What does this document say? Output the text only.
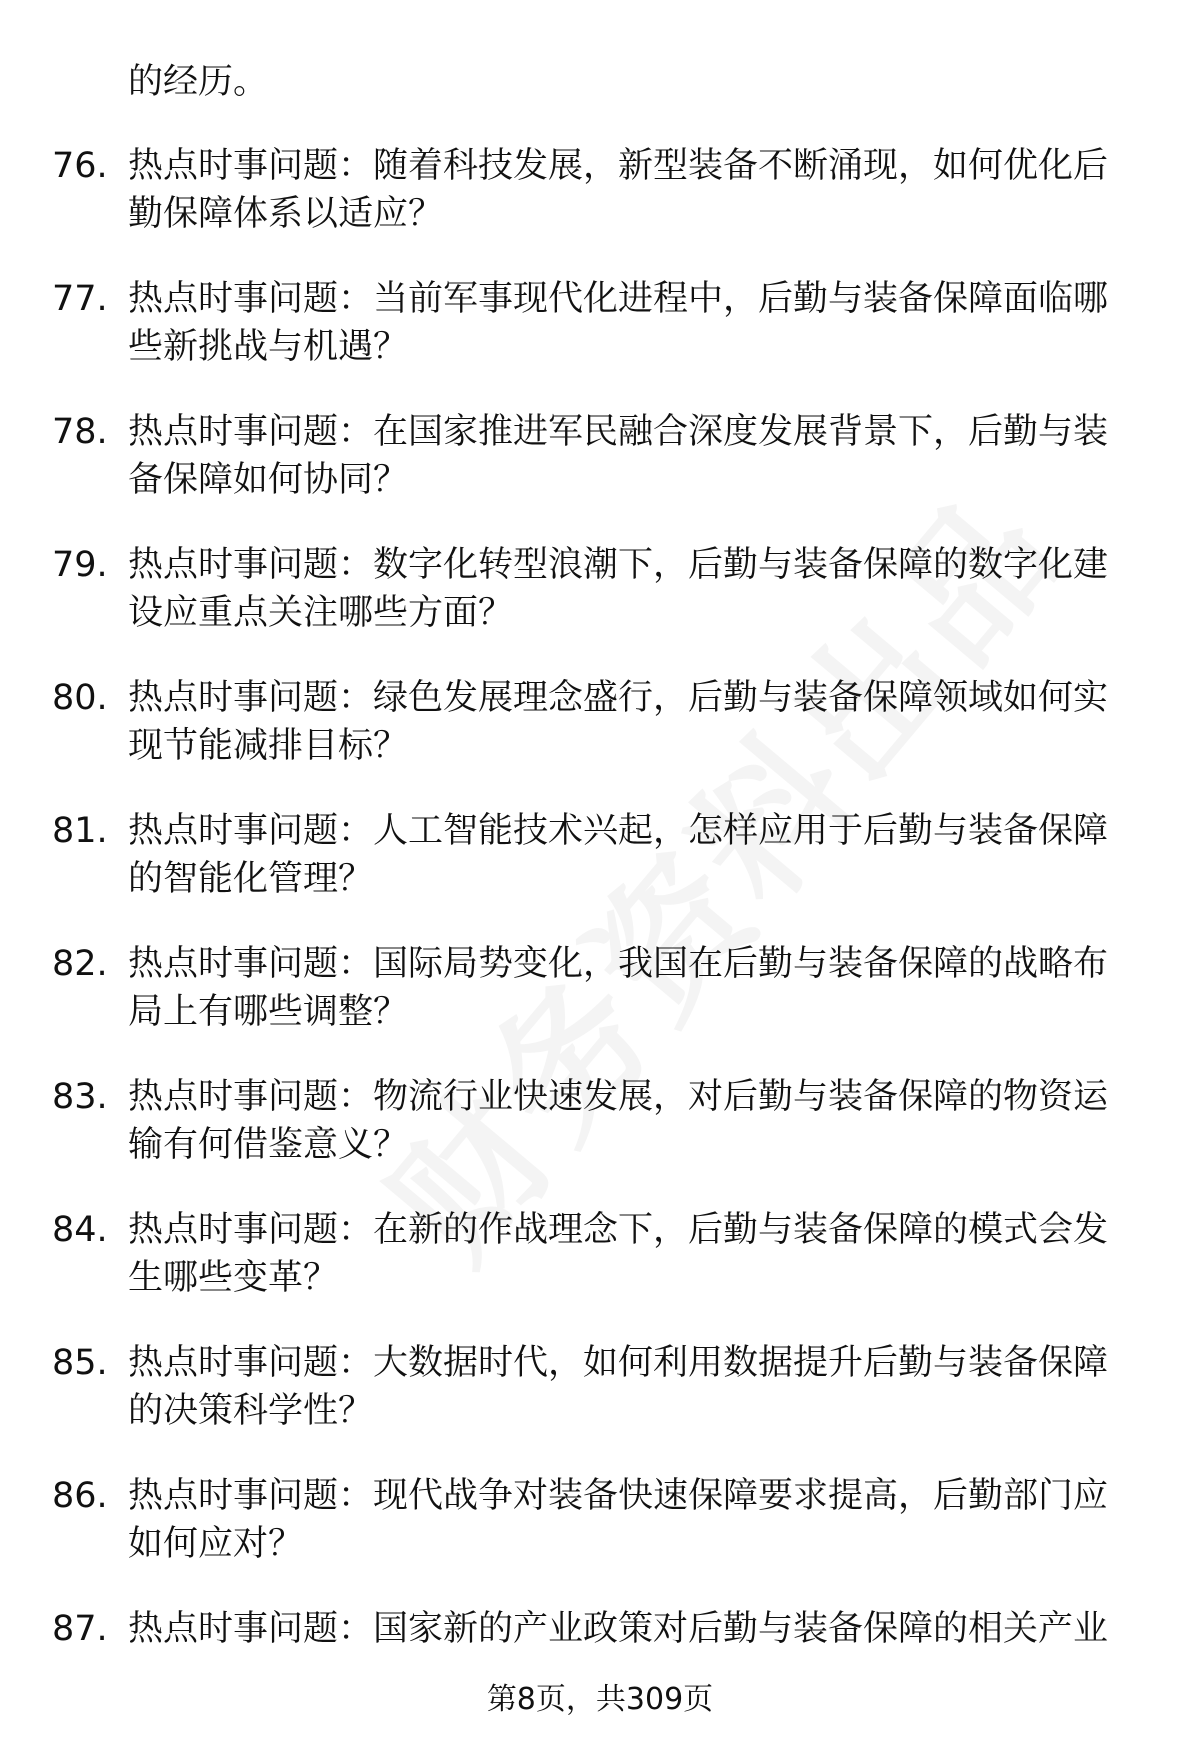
的经历。
76. 热点时事问题：随着科技发展，新型装备不断涌现，如何优化后勤保障体系以适应？
77. 热点时事问题：当前军事现代化进程中，后勤与装备保障面临哪些新挑战与机遇？
78. 热点时事问题：在国家推进军民融合深度发展背景下，后勤与装备保障如何协同？
79. 热点时事问题：数字化转型浪潮下，后勤与装备保障的数字化建设应重点关注哪些方面？
80. 热点时事问题：绿色发展理念盛行，后勤与装备保障领域如何实现节能减排目标？
81. 热点时事问题：人工智能技术兴起，怎样应用于后勤与装备保障的智能化管理？
82. 热点时事问题：国际局势变化，我国在后勤与装备保障的战略布局上有哪些调整？
83. 热点时事问题：物流行业快速发展，对后勤与装备保障的物资运输有何借鉴意义？
84. 热点时事问题：在新的作战理念下，后勤与装备保障的模式会发生哪些变革？
85. 热点时事问题：大数据时代，如何利用数据提升后勤与装备保障的决策科学性？
86. 热点时事问题：现代战争对装备快速保障要求提高，后勤部门应如何应对？
87. 热点时事问题：国家新的产业政策对后勤与装备保障的相关产业
第8页，共309页
